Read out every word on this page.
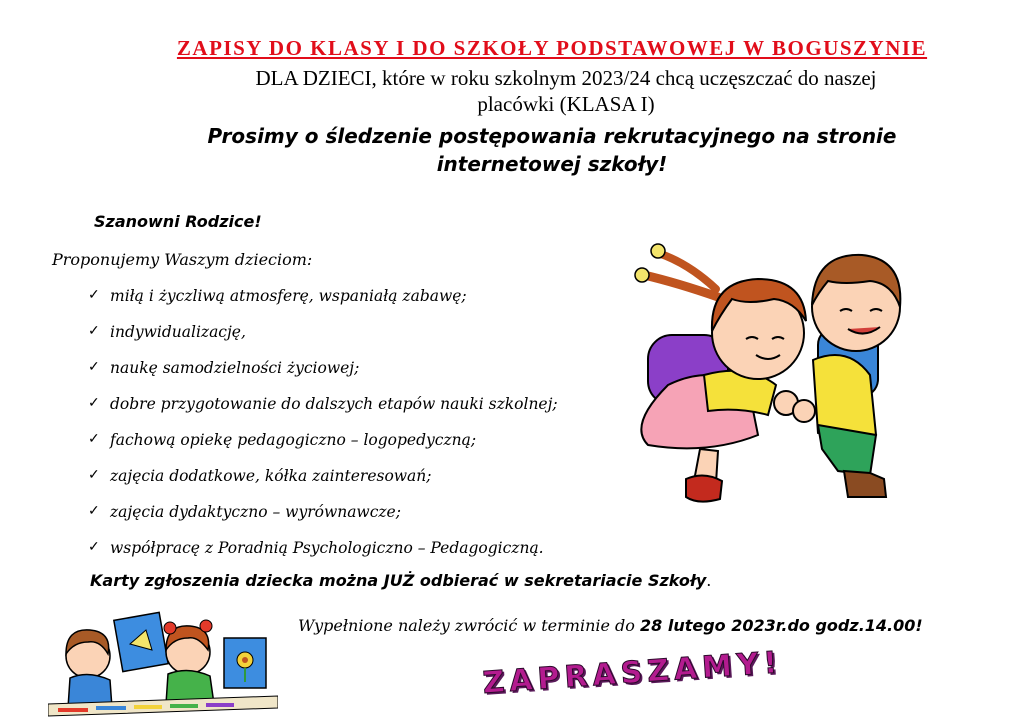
ZAPISY DO KLASY I DO SZKOŁY PODSTAWOWEJ W BOGUSZYNIE
DLA DZIECI, które w roku szkolnym 2023/24 chcą uczęszczać do naszej
placówki (KLASA I)
Prosimy o śledzenie postępowania rekrutacyjnego na stronie
internetowej szkoły!
Szanowni Rodzice!
Proponujemy Waszym dzieciom:
✓ miłą i życzliwą atmosferę, wspaniałą zabawę;
✓ indywidualizację,
✓ naukę samodzielności życiowej;
✓ dobre przygotowanie do dalszych etapów nauki szkolnej;
✓ fachową opiekę pedagogiczno – logopedyczną;
✓ zajęcia dodatkowe, kółka zainteresowań;
✓ zajęcia dydaktyczno – wyrównawcze;
✓ współpracę z Poradnią Psychologiczno – Pedagogiczną.
Karty zgłoszenia dziecka można JUŻ odbierać w sekretariacie Szkoły.
Wypełnione należy zwrócić w terminie do 28 lutego 2023r.do godz.14.00!
ZAPRASZAMY!
